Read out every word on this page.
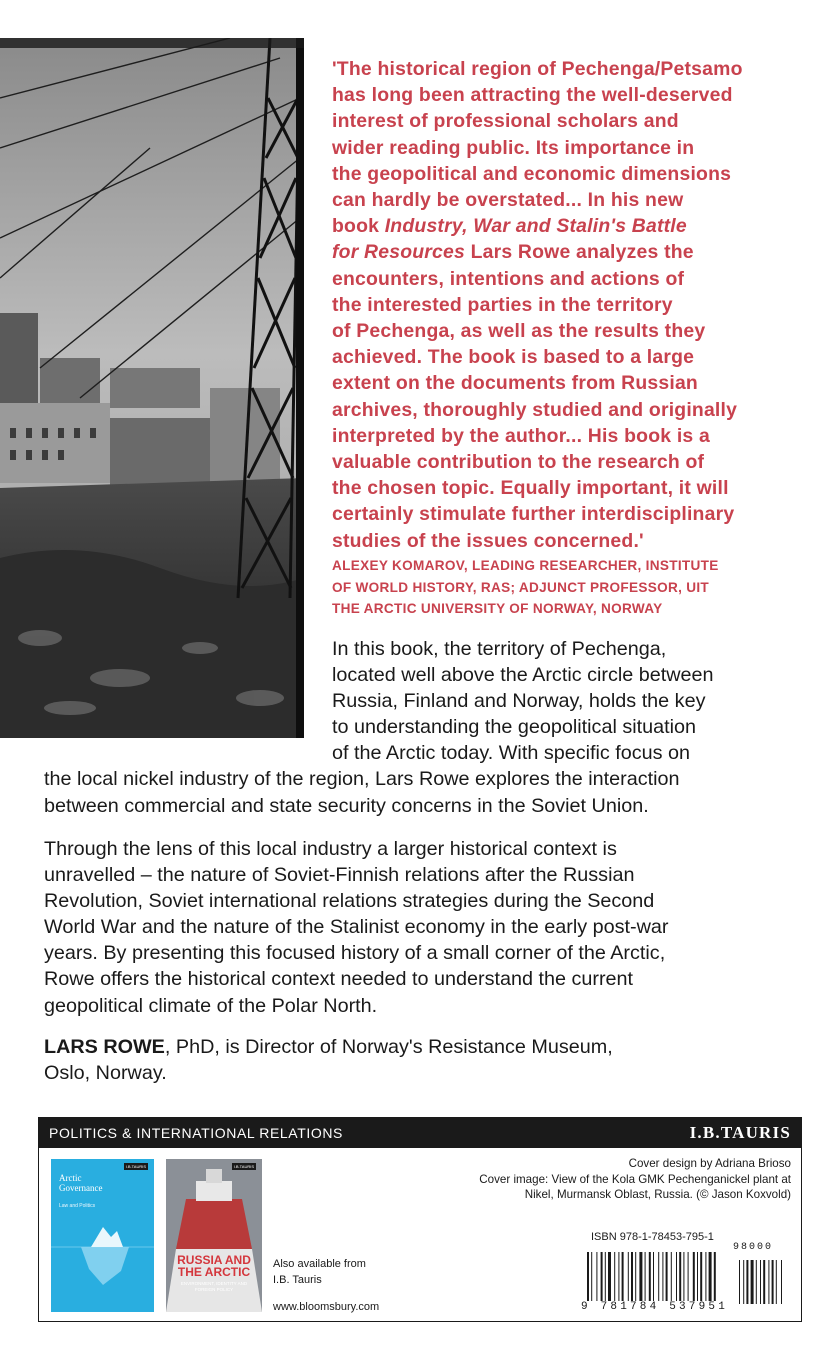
'The historical region of Pechenga/Petsamo

has long been attracting the well-deserved

interest of professional scholars and

wider reading public. Its importance in

the geopolitical and economic dimensions

can hardly be overstated... In his new

book Industry, War and Stalin's Battle

for Resources Lars Rowe analyzes the

encounters, intentions and actions of

the interested parties in the territory

of Pechenga, as well as the results they

achieved. The book is based to a large

extent on the documents from Russian

archives, thoroughly studied and originally

interpreted by the author... His book is a

valuable contribution to the research of

the chosen topic. Equally important, it will

certainly stimulate further interdisciplinary

studies of the issues concerned.'

ALEXEY KOMAROV, LEADING RESEARCHER, INSTITUTE
OF WORLD HISTORY, RAS; ADJUNCT PROFESSOR, UIT
THE ARCTIC UNIVERSITY OF NORWAY, NORWAY
In this book, the territory of Pechenga,
located well above the Arctic circle between
Russia, Finland and Norway, holds the key
to understanding the geopolitical situation
of the Arctic today. With specific focus on
the local nickel industry of the region, Lars Rowe explores the interaction
between commercial and state security concerns in the Soviet Union.
Through the lens of this local industry a larger historical context is
unravelled – the nature of Soviet-Finnish relations after the Russian
Revolution, Soviet international relations strategies during the Second
World War and the nature of the Stalinist economy in the early post-war
years. By presenting this focused history of a small corner of the Arctic,
Rowe offers the historical context needed to understand the current
geopolitical climate of the Polar North.
LARS ROWE, PhD, is Director of Norway's Resistance Museum,
Oslo, Norway.
POLITICS & INTERNATIONAL RELATIONS	I.B.TAURIS
I.B.TAURIS
Arctic
Governance
Law and Politics
I.B.TAURIS
RUSSIA AND
THE ARCTIC
ENVIRONMENT, IDENTITY AND FOREIGN POLICY
Also available from
I.B. Tauris
www.bloomsbury.com
Cover design by Adriana Brioso
Cover image: View of the Kola GMK Pechenganickel plant at
Nikel, Murmansk Oblast, Russia. (© Jason Koxvold)
ISBN 978-1-78453-795-1
98000
9 781784 537951
